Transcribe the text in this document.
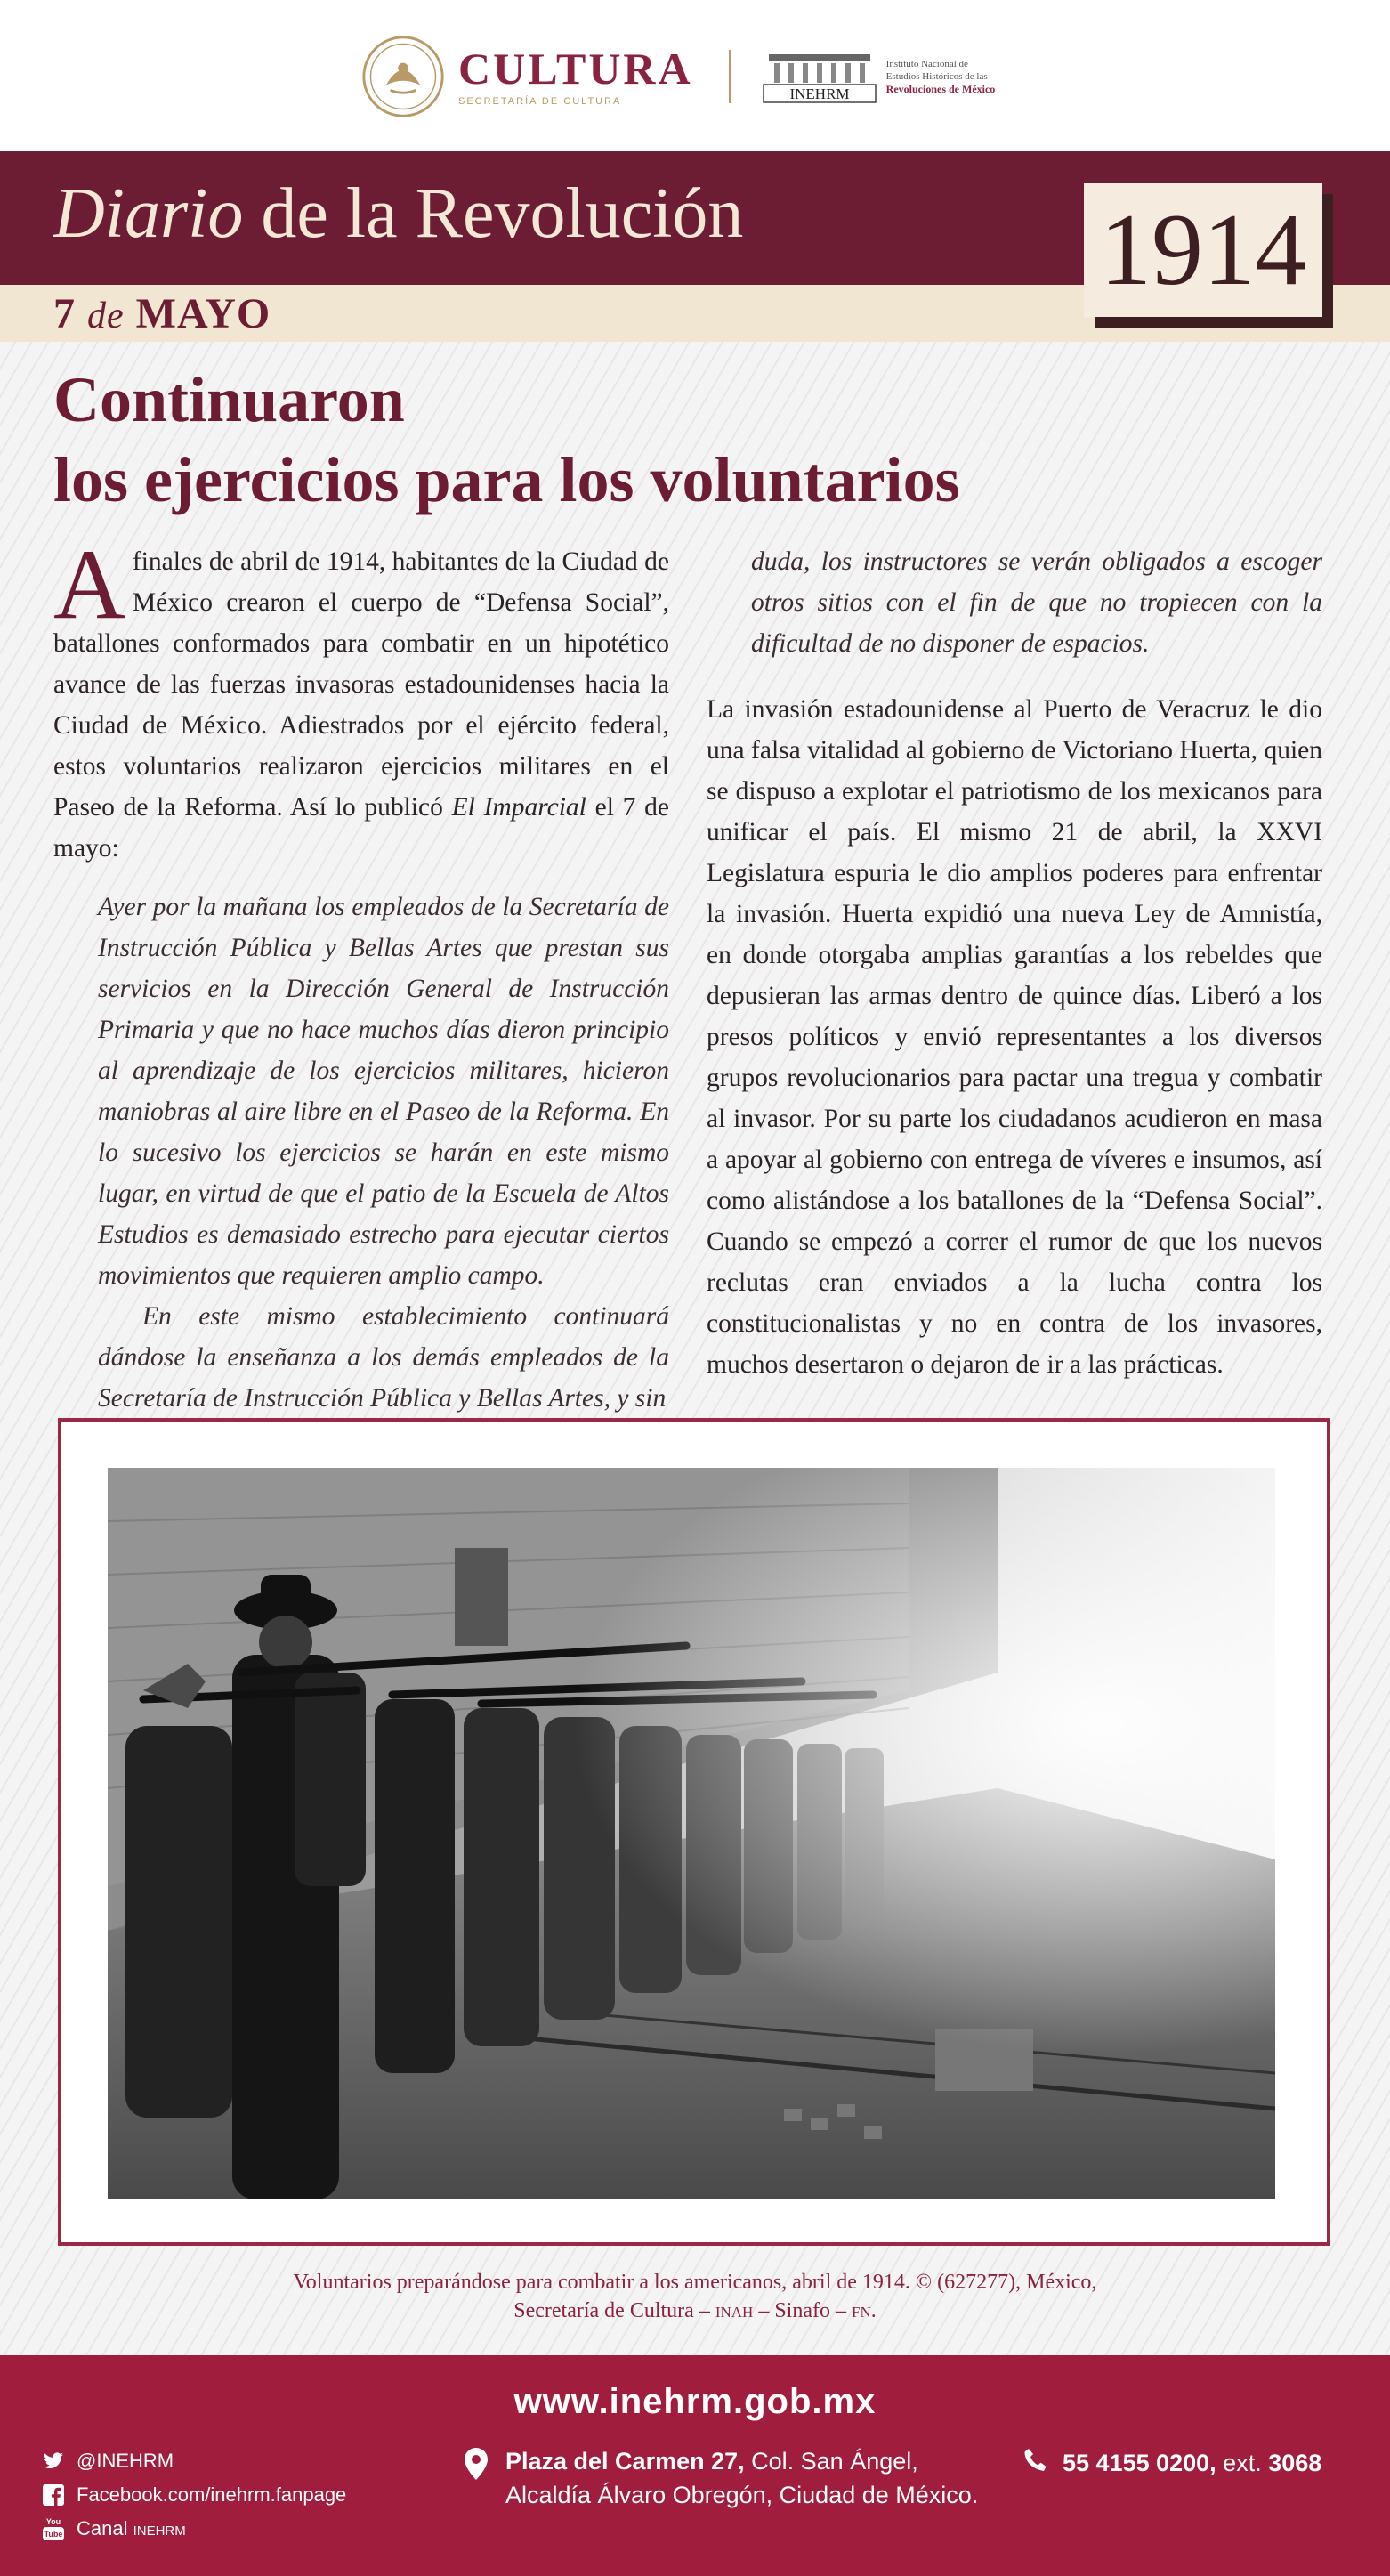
CULTURA
SECRETARÍA DE CULTURA	INEHRM
Instituto Nacional de
Estudios Históricos de las
Revoluciones de México
Diario de la Revolución
7 de MAYO
1914
Continuaron
los ejercicios para los voluntarios

A finales de abril de 1914, habitantes de la Ciudad de México crearon el cuerpo de “Defensa Social”, batallones conformados para combatir en un hipotético avance de las fuerzas invasoras estadounidenses hacia la Ciudad de México. Adiestrados por el ejército federal, estos voluntarios realizaron ejercicios militares en el Paseo de la Reforma. Así lo publicó El Imparcial el 7 de mayo:

Ayer por la mañana los empleados de la Secretaría de Instrucción Pública y Bellas Artes que prestan sus servicios en la Dirección General de Instrucción Primaria y que no hace muchos días dieron principio al aprendizaje de los ejercicios militares, hicieron maniobras al aire libre en el Paseo de la Reforma. En lo sucesivo los ejercicios se harán en este mismo lugar, en virtud de que el patio de la Escuela de Altos Estudios es demasiado estrecho para ejecutar ciertos movimientos que requieren amplio campo.

En este mismo establecimiento continuará dándose la enseñanza a los demás empleados de la Secretaría de Instrucción Pública y Bellas Artes, y sin

duda, los instructores se verán obligados a escoger otros sitios con el fin de que no tropiecen con la dificultad de no disponer de espacios.

La invasión estadounidense al Puerto de Veracruz le dio una falsa vitalidad al gobierno de Victoriano Huerta, quien se dispuso a explotar el patriotismo de los mexicanos para unificar el país. El mismo 21 de abril, la XXVI Legislatura espuria le dio amplios poderes para enfrentar la invasión. Huerta expidió una nueva Ley de Amnistía, en donde otorgaba amplias garantías a los rebeldes que depusieran las armas dentro de quince días. Liberó a los presos políticos y envió representantes a los diversos grupos revolucionarios para pactar una tregua y combatir al invasor. Por su parte los ciudadanos acudieron en masa a apoyar al gobierno con entrega de víveres e insumos, así como alistándose a los batallones de la “Defensa Social”. Cuando se empezó a correr el rumor de que los nuevos reclutas eran enviados a la lucha contra los constitucionalistas y no en contra de los invasores, muchos desertaron o dejaron de ir a las prácticas.

Voluntarios preparándose para combatir a los americanos, abril de 1914. © (627277), México,
Secretaría de Cultura – inah – Sinafo – fn.
www.inehrm.gob.mx
@INEHRM
Facebook.com/inehrm.fanpage
You
Tube Canal inehrm
Plaza del Carmen 27, Col. San Ángel,
Alcaldía Álvaro Obregón, Ciudad de México.
55 4155 0200, ext. 3068
